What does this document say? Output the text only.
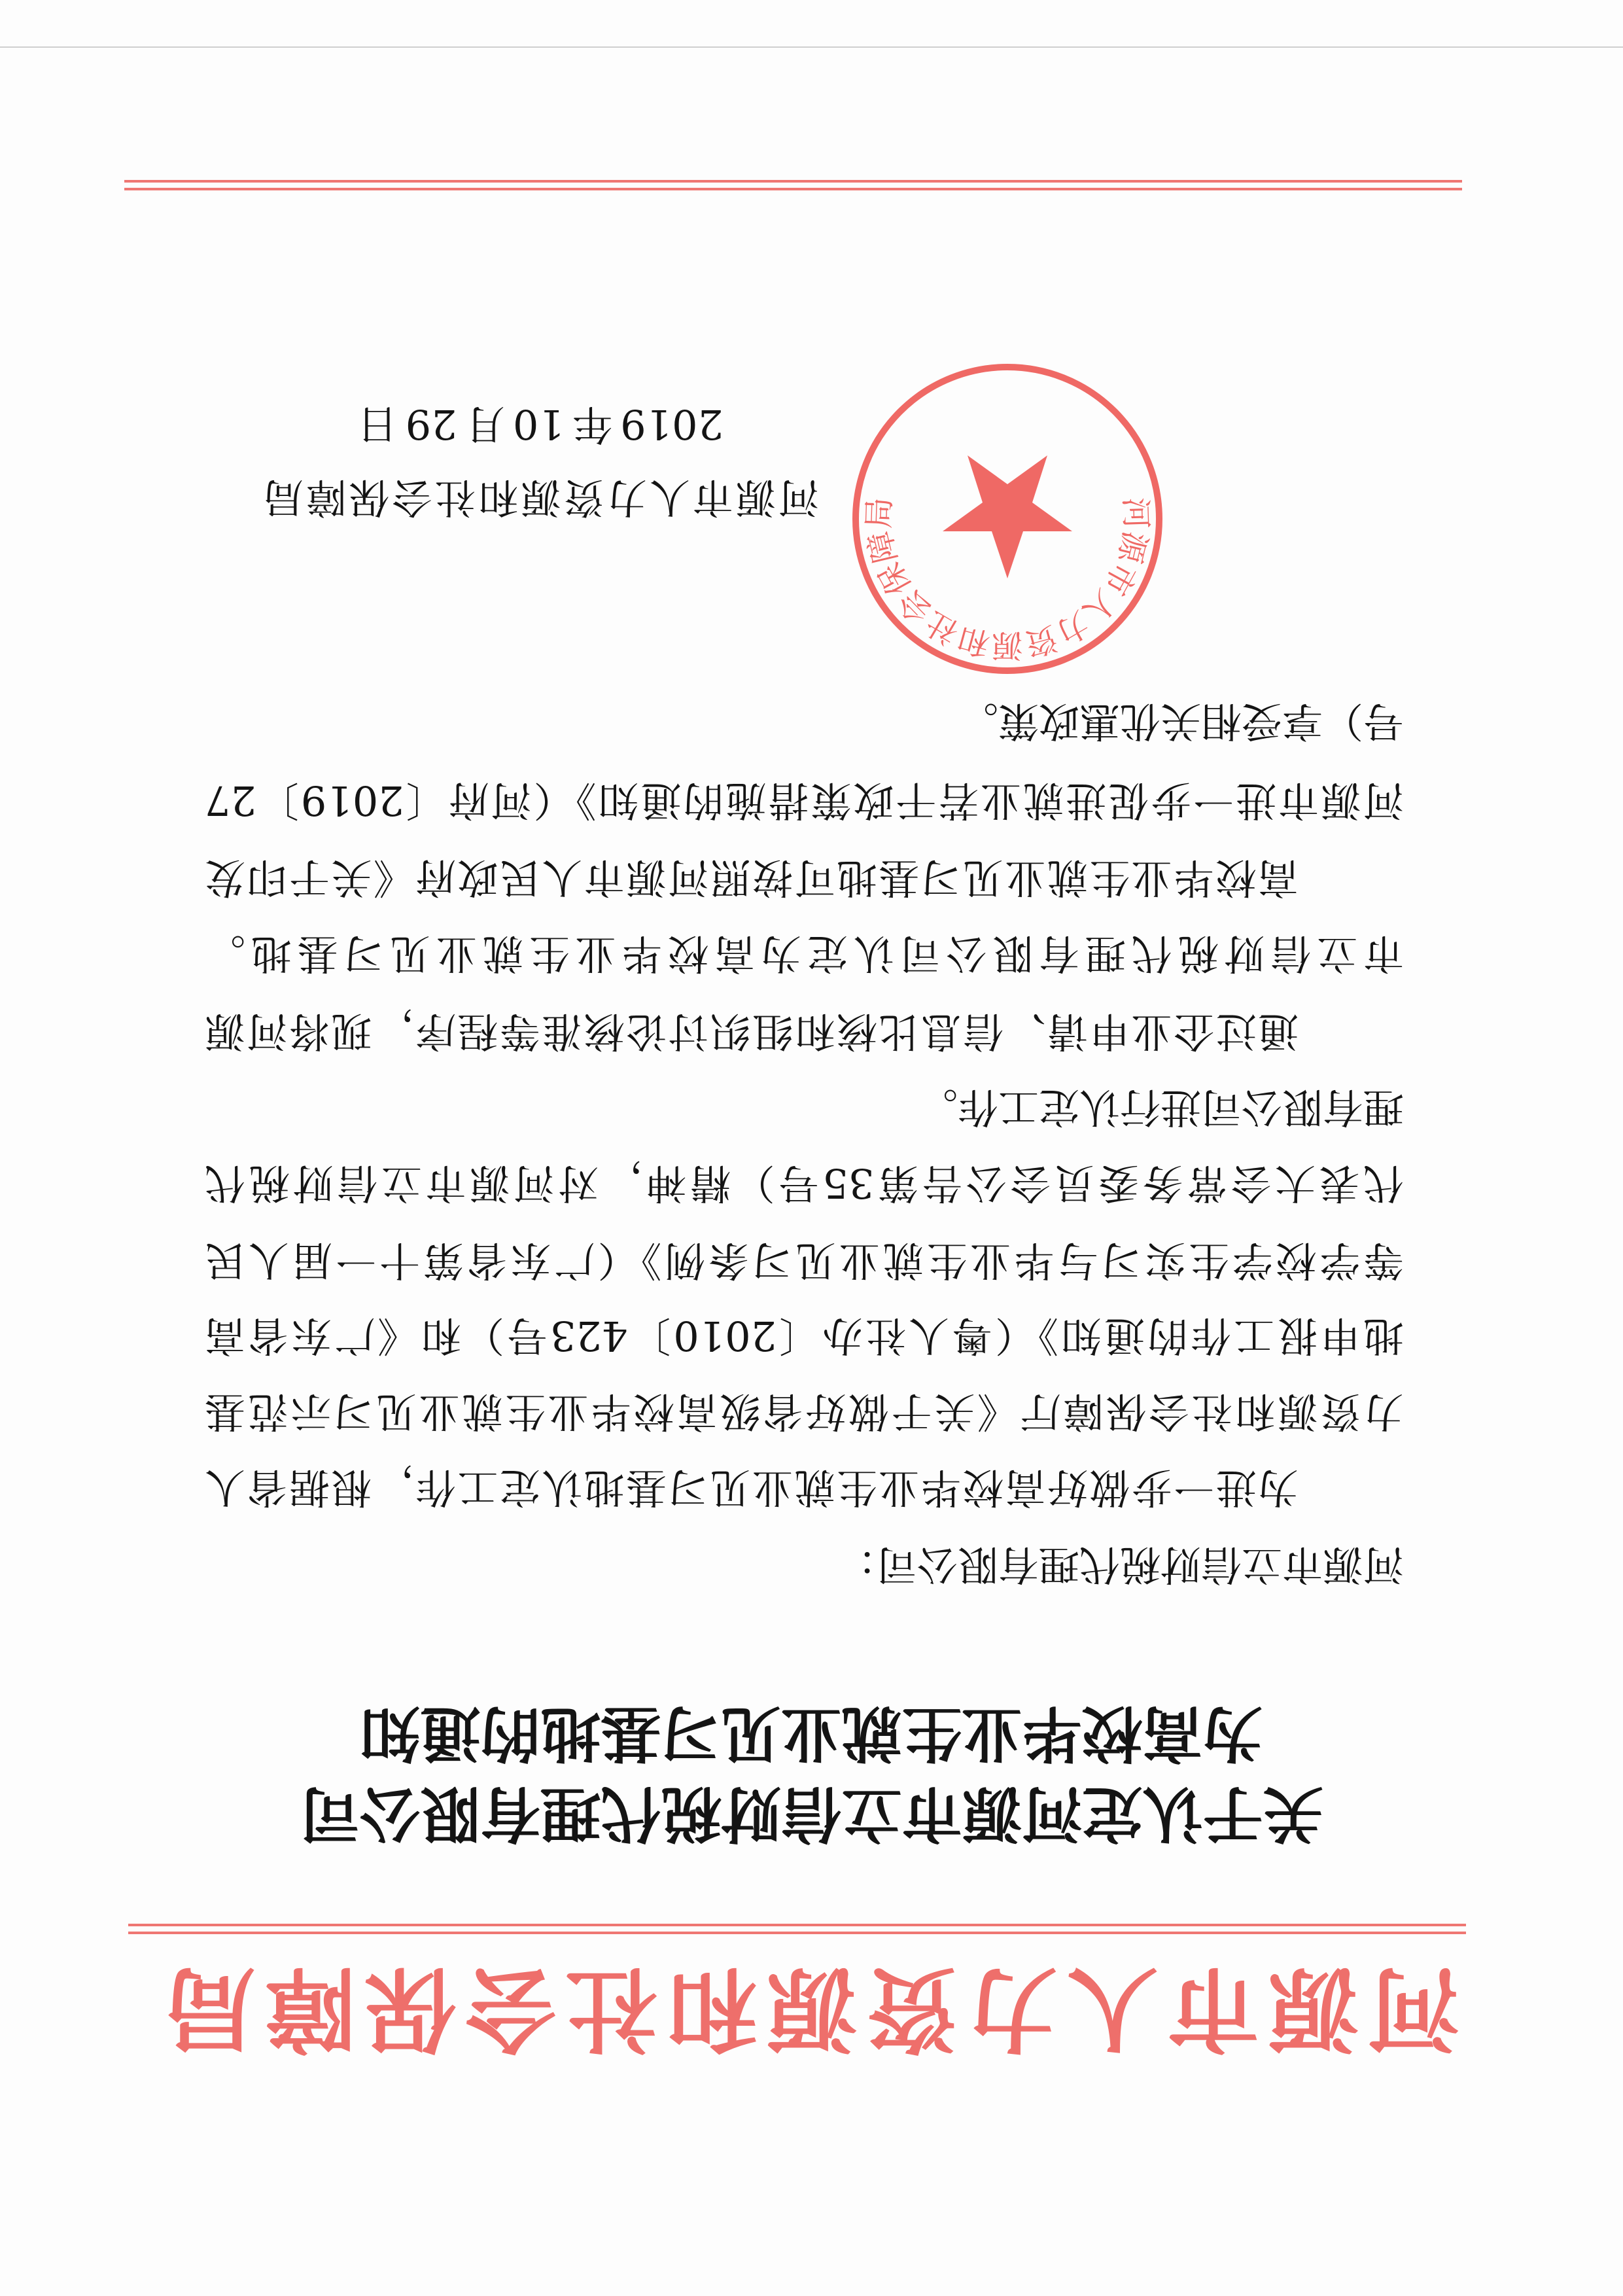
河源市人力资源和社会保障局
关于认定河源市立信财税代理有限公司
为高校毕业生就业见习基地的通知
河源市立信财税代理有限公司：
为进一步做好高校毕业生就业见习基地认定工作，根据省人
力资源和社会保障厅《关于做好省级高校毕业生就业见习示范基
地申报工作的通知》（粤人社办〔2010〕423号）和《广东省高
等学校学生实习与毕业生就业见习条例》（广东省第十一届人民
代表大会常务委员会公告第35号）精神，对河源市立信财税代
理有限公司进行认定工作。
通过企业申请、信息比核和组织讨论核准等程序，现将河源
市立信财税代理有限公司认定为高校毕业生就业见习基地。
高校毕业生就业见习基地可按照河源市人民政府《关于印发
河源市进一步促进就业若干政策措施的通知》（河府〔2019〕27
号）享受相关优惠政策。
河源市人力资源和社会保障局
河源市人力资源和社会保障局
2019年10月29日
